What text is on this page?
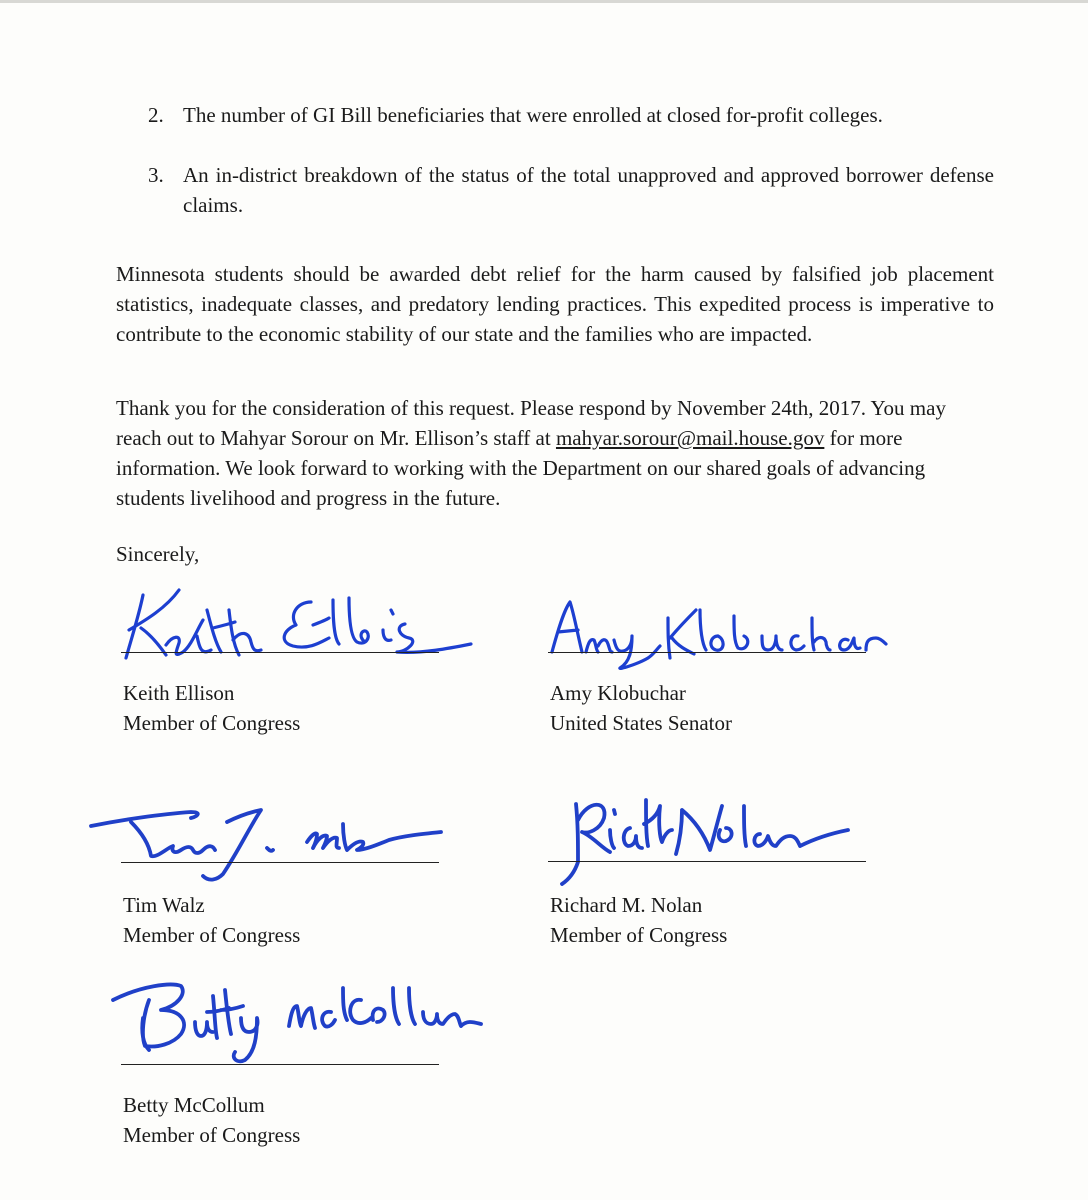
2. The number of GI Bill beneficiaries that were enrolled at closed for-profit colleges.
3. An in-district breakdown of the status of the total unapproved and approved borrower defense claims.

Minnesota students should be awarded debt relief for the harm caused by falsified job placement statistics, inadequate classes, and predatory lending practices. This expedited process is imperative to contribute to the economic stability of our state and the families who are impacted.

Thank you for the consideration of this request. Please respond by November 24th, 2017. You may reach out to Mahyar Sorour on Mr. Ellison’s staff at mahyar.sorour@mail.house.gov for more information. We look forward to working with the Department on our shared goals of advancing students livelihood and progress in the future.

Sincerely,
Keith Ellison
Member of Congress
Amy Klobuchar
United States Senator
Tim Walz
Member of Congress
Richard M. Nolan
Member of Congress
Betty McCollum
Member of Congress
